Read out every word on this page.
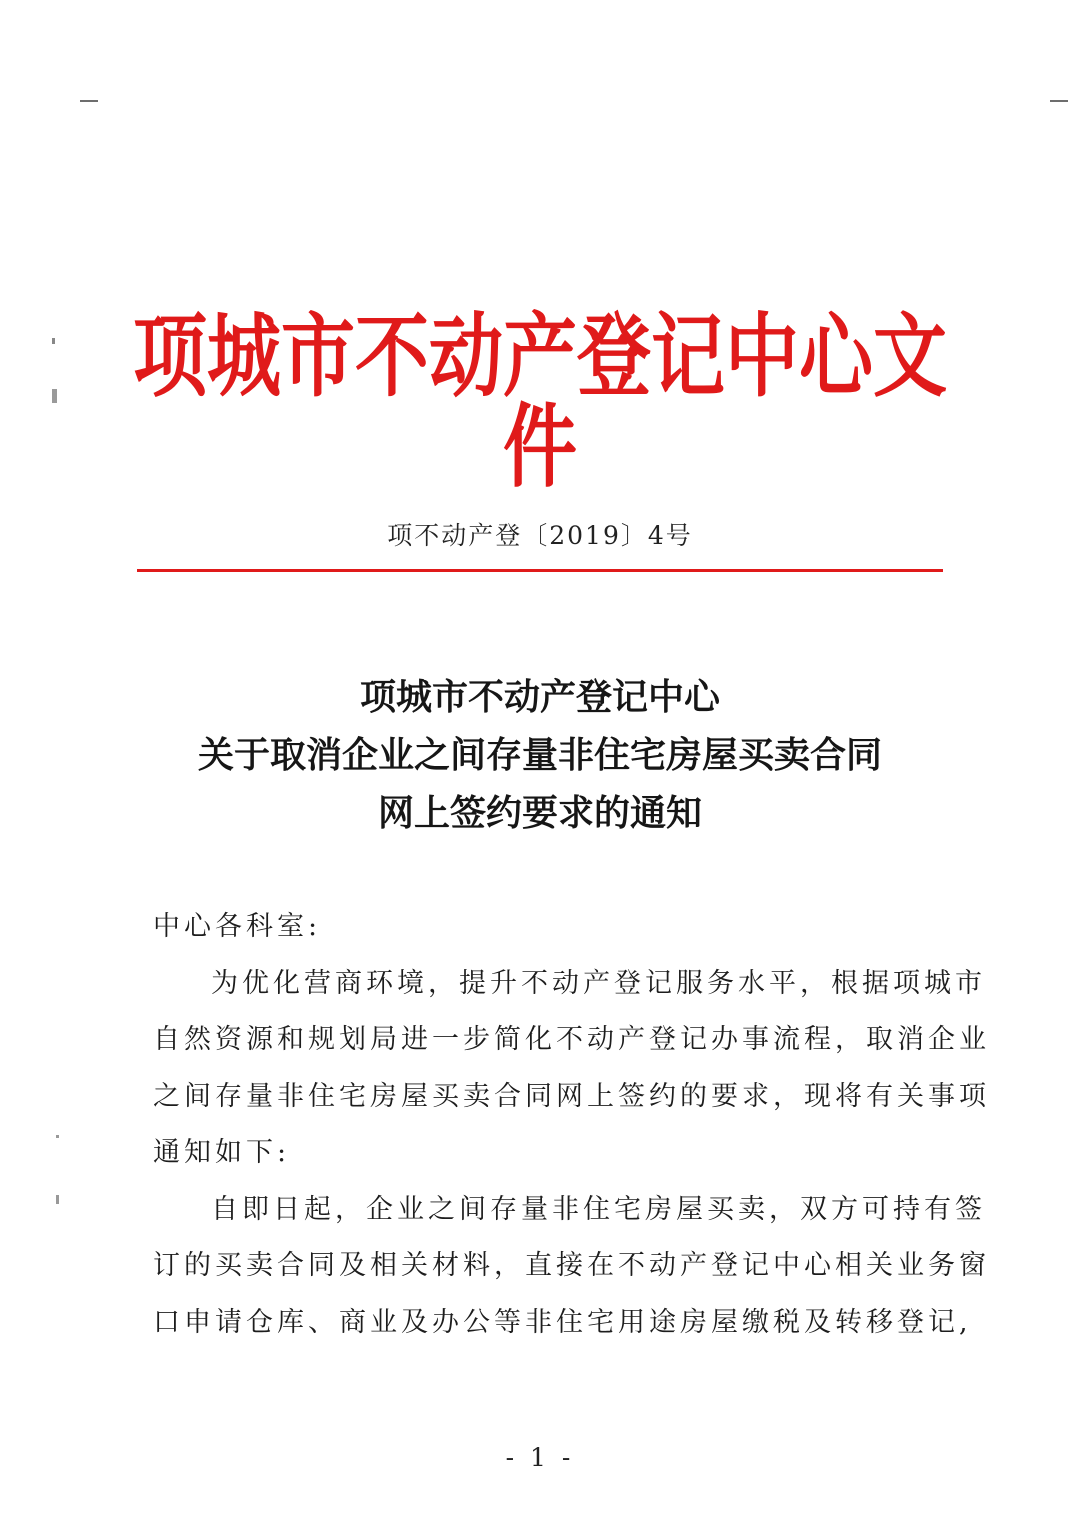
项城市不动产登记中心文件
项不动产登〔2019〕4号
项城市不动产登记中心
关于取消企业之间存量非住宅房屋买卖合同
网上签约要求的通知
中心各科室:
为优化营商环境，提升不动产登记服务水平，根据项城市
自然资源和规划局进一步简化不动产登记办事流程，取消企业
之间存量非住宅房屋买卖合同网上签约的要求，现将有关事项
通知如下:
自即日起，企业之间存量非住宅房屋买卖，双方可持有签
订的买卖合同及相关材料，直接在不动产登记中心相关业务窗
口申请仓库、商业及办公等非住宅用途房屋缴税及转移登记,
- 1 -
